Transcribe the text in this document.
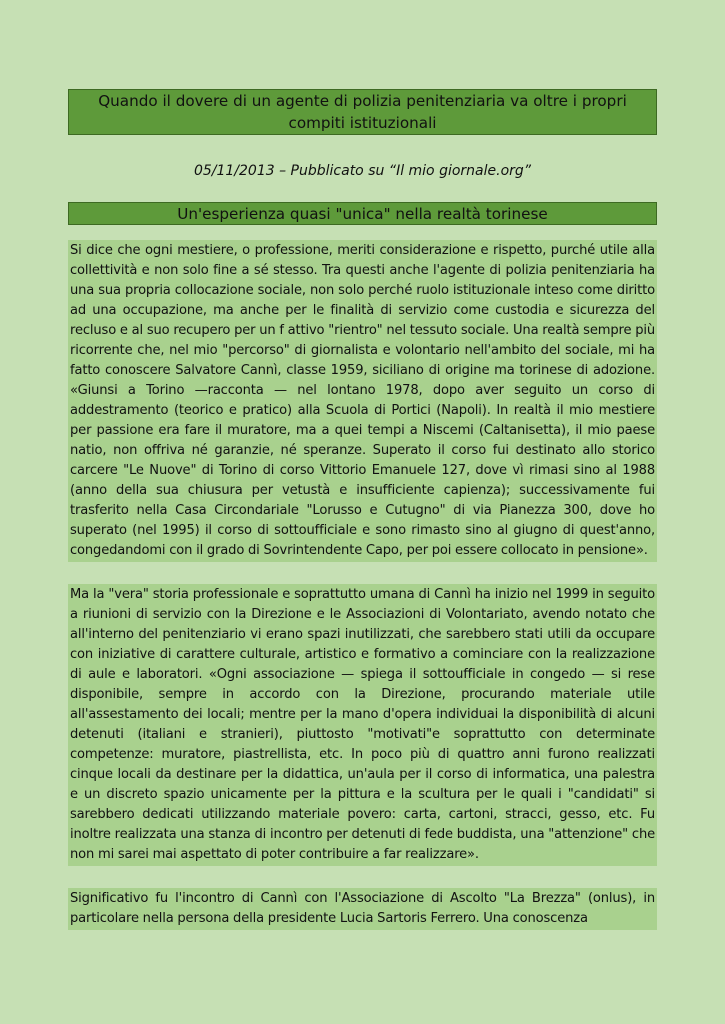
Quando il dovere di un agente di polizia penitenziaria va oltre i propri compiti istituzionali
05/11/2013 – Pubblicato su “Il mio giornale.org”
Un'esperienza quasi "unica" nella realtà torinese

Si dice che ogni mestiere, o professione, meriti considerazione e rispetto, purché utile alla collettività e non solo fine a sé stesso. Tra questi anche l'agente di polizia penitenziaria ha una sua propria collocazione sociale, non solo perché ruolo istituzionale inteso come diritto ad una occupazione, ma anche per le finalità di servizio come custodia e sicurezza del recluso e al suo recupero per un f attivo "rientro" nel tessuto sociale. Una realtà sempre più ricorrente che, nel mio "percorso" di giornalista e volontario nell'ambito del sociale, mi ha fatto conoscere Salvatore Cannì, classe 1959, siciliano di origine ma torinese di adozione. «Giunsi a Torino —racconta — nel lontano 1978, dopo aver seguito un corso di addestramento (teorico e pratico) alla Scuola di Portici (Napoli). In realtà il mio mestiere per passione era fare il muratore, ma a quei tempi a Niscemi (Caltanisetta), il mio paese natio, non offriva né garanzie, né speranze. Superato il corso fui destinato allo storico carcere "Le Nuove" di Torino di corso Vittorio Emanuele 127, dove vì rimasi sino al 1988 (anno della sua chiusura per vetustà e insufficiente capienza); successivamente fui trasferito nella Casa Circondariale "Lorusso e Cutugno" di via Pianezza 300, dove ho superato (nel 1995) il corso di sottoufficiale e sono rimasto sino al giugno di quest'anno, congedandomi con il grado di Sovrintendente Capo, per poi essere collocato in pensione».

Ma la "vera" storia professionale e soprattutto umana di Cannì ha inizio nel 1999 in seguito a riunioni di servizio con la Direzione e le Associazioni di Volontariato, avendo notato che all'interno del penitenziario vi erano spazi inutilizzati, che sarebbero stati utili da occupare con iniziative di carattere culturale, artistico e formativo a cominciare con la realizzazione di aule e laboratori. «Ogni associazione — spiega il sottoufficiale in congedo — si rese disponibile, sempre in accordo con la Direzione, procurando materiale utile all'assestamento dei locali; mentre per la mano d'opera individuai la disponibilità di alcuni detenuti (italiani e stranieri), piuttosto "motivati"e soprattutto con determinate competenze: muratore, piastrellista, etc. In poco più di quattro anni furono realizzati cinque locali da destinare per la didattica, un'aula per il corso di informatica, una palestra e un discreto spazio unicamente per la pittura e la scultura per le quali i "candidati" si sarebbero dedicati utilizzando materiale povero: carta, cartoni, stracci, gesso, etc. Fu inoltre realizzata una stanza di incontro per detenuti di fede buddista, una "attenzione" che non mi sarei mai aspettato di poter contribuire a far realizzare».

Significativo fu l'incontro di Cannì con l'Associazione di Ascolto "La Brezza" (onlus), in particolare nella persona della presidente Lucia Sartoris Ferrero. Una conoscenza
